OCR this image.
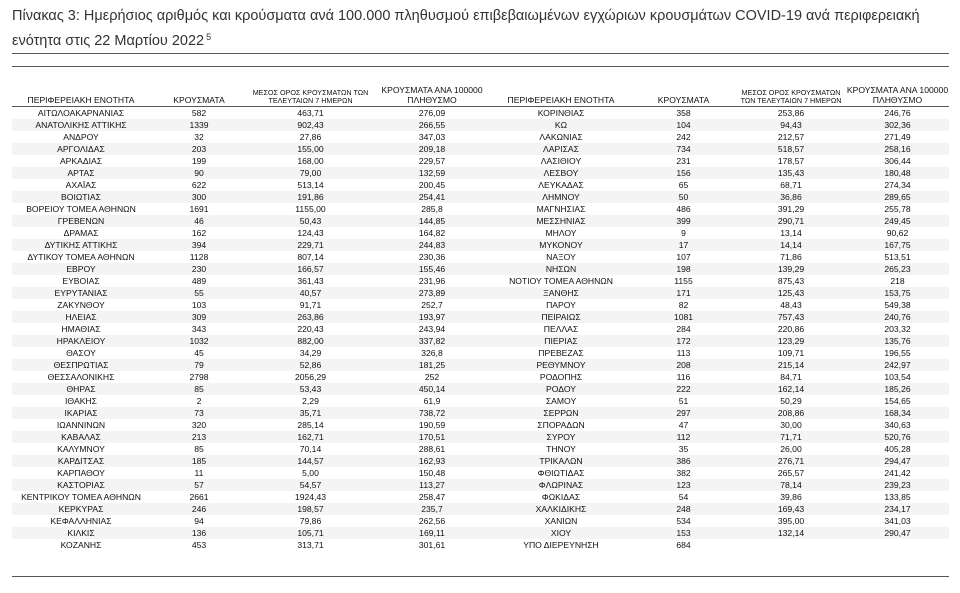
Πίνακας 3: Ημερήσιος αριθμός και κρούσματα ανά 100.000 πληθυσμού επιβεβαιωμένων εγχώριων κρουσμάτων COVID-19 ανά περιφερειακή ενότητα στις 22 Μαρτίου 2022 $^5$
ΠΕΡΙΦΕΡΕΙΑΚΗ ΕΝΟΤΗΤΑ	ΚΡΟΥΣΜΑΤΑ	ΜΕΣΟΣ ΟΡΟΣ ΚΡΟΥΣΜΑΤΩΝ ΤΩΝ ΤΕΛΕΥΤΑΙΩΝ 7 ΗΜΕΡΩΝ	ΚΡΟΥΣΜΑΤΑ ΑΝΑ 100000 ΠΛΗΘΥΣΜΟ	ΠΕΡΙΦΕΡΕΙΑΚΗ ΕΝΟΤΗΤΑ	ΚΡΟΥΣΜΑΤΑ	ΜΕΣΟΣ ΟΡΟΣ ΚΡΟΥΣΜΑΤΩΝ ΤΩΝ ΤΕΛΕΥΤΑΙΩΝ 7 ΗΜΕΡΩΝ	ΚΡΟΥΣΜΑΤΑ ΑΝΑ 100000 ΠΛΗΘΥΣΜΟ
ΑΙΤΩΛΟΑΚΑΡΝΑΝΙΑΣ	582	463,71	276,09	ΚΟΡΙΝΘΙΑΣ	358	253,86	246,76
ΑΝΑΤΟΛΙΚΗΣ ΑΤΤΙΚΗΣ	1339	902,43	266,55	ΚΩ	104	94,43	302,36
ΑΝΔΡΟΥ	32	27,86	347,03	ΛΑΚΩΝΙΑΣ	242	212,57	271,49
ΑΡΓΟΛΙΔΑΣ	203	155,00	209,18	ΛΑΡΙΣΑΣ	734	518,57	258,16
ΑΡΚΑΔΙΑΣ	199	168,00	229,57	ΛΑΣΙΘΙΟΥ	231	178,57	306,44
ΑΡΤΑΣ	90	79,00	132,59	ΛΕΣΒΟΥ	156	135,43	180,48
ΑΧΑΪΑΣ	622	513,14	200,45	ΛΕΥΚΑΔΑΣ	65	68,71	274,34
ΒΟΙΩΤΙΑΣ	300	191,86	254,41	ΛΗΜΝΟΥ	50	36,86	289,65
ΒΟΡΕΙΟΥ ΤΟΜΕΑ ΑΘΗΝΩΝ	1691	1155,00	285,8	ΜΑΓΝΗΣΙΑΣ	486	391,29	255,78
ΓΡΕΒΕΝΩΝ	46	50,43	144,85	ΜΕΣΣΗΝΙΑΣ	399	290,71	249,45
ΔΡΑΜΑΣ	162	124,43	164,82	ΜΗΛΟΥ	9	13,14	90,62
ΔΥΤΙΚΗΣ ΑΤΤΙΚΗΣ	394	229,71	244,83	ΜΥΚΟΝΟΥ	17	14,14	167,75
ΔΥΤΙΚΟΥ ΤΟΜΕΑ ΑΘΗΝΩΝ	1128	807,14	230,36	ΝΑΞΟΥ	107	71,86	513,51
ΕΒΡΟΥ	230	166,57	155,46	ΝΗΣΩΝ	198	139,29	265,23
ΕΥΒΟΙΑΣ	489	361,43	231,96	ΝΟΤΙΟΥ ΤΟΜΕΑ ΑΘΗΝΩΝ	1155	875,43	218
ΕΥΡΥΤΑΝΙΑΣ	55	40,57	273,89	ΞΑΝΘΗΣ	171	125,43	153,75
ΖΑΚΥΝΘΟΥ	103	91,71	252,7	ΠΑΡΟΥ	82	48,43	549,38
ΗΛΕΙΑΣ	309	263,86	193,97	ΠΕΙΡΑΙΩΣ	1081	757,43	240,76
ΗΜΑΘΙΑΣ	343	220,43	243,94	ΠΕΛΛΑΣ	284	220,86	203,32
ΗΡΑΚΛΕΙΟΥ	1032	882,00	337,82	ΠΙΕΡΙΑΣ	172	123,29	135,76
ΘΑΣΟΥ	45	34,29	326,8	ΠΡΕΒΕΖΑΣ	113	109,71	196,55
ΘΕΣΠΡΩΤΙΑΣ	79	52,86	181,25	ΡΕΘΥΜΝΟΥ	208	215,14	242,97
ΘΕΣΣΑΛΟΝΙΚΗΣ	2798	2056,29	252	ΡΟΔΟΠΗΣ	116	84,71	103,54
ΘΗΡΑΣ	85	53,43	450,14	ΡΟΔΟΥ	222	162,14	185,26
ΙΘΑΚΗΣ	2	2,29	61,9	ΣΑΜΟΥ	51	50,29	154,65
ΙΚΑΡΙΑΣ	73	35,71	738,72	ΣΕΡΡΩΝ	297	208,86	168,34
ΙΩΑΝΝΙΝΩΝ	320	285,14	190,59	ΣΠΟΡΑΔΩΝ	47	30,00	340,63
ΚΑΒΑΛΑΣ	213	162,71	170,51	ΣΥΡΟΥ	112	71,71	520,76
ΚΑΛΥΜΝΟΥ	85	70,14	288,61	ΤΗΝΟΥ	35	26,00	405,28
ΚΑΡΔΙΤΣΑΣ	185	144,57	162,93	ΤΡΙΚΑΛΩΝ	386	276,71	294,47
ΚΑΡΠΑΘΟΥ	11	5,00	150,48	ΦΘΙΩΤΙΔΑΣ	382	265,57	241,42
ΚΑΣΤΟΡΙΑΣ	57	54,57	113,27	ΦΛΩΡΙΝΑΣ	123	78,14	239,23
ΚΕΝΤΡΙΚΟΥ ΤΟΜΕΑ ΑΘΗΝΩΝ	2661	1924,43	258,47	ΦΩΚΙΔΑΣ	54	39,86	133,85
ΚΕΡΚΥΡΑΣ	246	198,57	235,7	ΧΑΛΚΙΔΙΚΗΣ	248	169,43	234,17
ΚΕΦΑΛΛΗΝΙΑΣ	94	79,86	262,56	ΧΑΝΙΩΝ	534	395,00	341,03
ΚΙΛΚΙΣ	136	105,71	169,11	ΧΙΟΥ	153	132,14	290,47
ΚΟΖΑΝΗΣ	453	313,71	301,61	ΥΠΟ ΔΙΕΡΕΥΝΗΣΗ	684		
